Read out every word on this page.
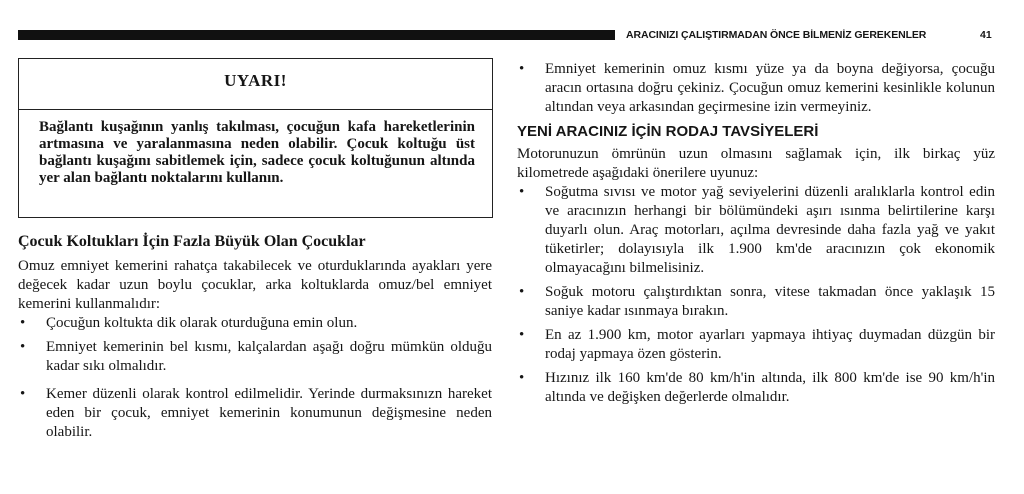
ARACINIZI ÇALIŞTIRMADAN ÖNCE BİLMENİZ GEREKENLER	41
UYARI!
Bağlantı kuşağının yanlış takılması, çocuğun kafa hareketlerinin artmasına ve yaralanmasına neden olabilir. Çocuk koltuğu üst bağlantı kuşağını sabitlemek için, sadece çocuk koltuğunun altında yer alan bağlantı noktalarını kullanın.
Çocuk Koltukları İçin Fazla Büyük Olan Çocuklar

Omuz emniyet kemerini rahatça takabilecek ve oturduklarında ayakları yere değecek kadar uzun boylu çocuklar, arka koltuklarda omuz/bel emniyet kemerini kullanmalıdır:

• Çocuğun koltukta dik olarak oturduğuna emin olun.
• Emniyet kemerinin bel kısmı, kalçalardan aşağı doğru mümkün olduğu kadar sıkı olmalıdır.
• Kemer düzenli olarak kontrol edilmelidir. Yerinde durmaksınızn hareket eden bir çocuk, emniyet kemerinin konumunun değişmesine neden olabilir.
• Emniyet kemerinin omuz kısmı yüze ya da boyna değiyorsa, çocuğu aracın ortasına doğru çekiniz. Çocuğun omuz kemerini kesinlikle kolunun altından veya arkasından geçirmesine izin vermeyiniz.
YENİ ARACINIZ İÇİN RODAJ TAVSİYELERİ

Motorunuzun ömrünün uzun olmasını sağlamak için, ilk birkaç yüz kilometrede aşağıdaki önerilere uyunuz:

• Soğutma sıvısı ve motor yağ seviyelerini düzenli aralıklarla kontrol edin ve aracınızın herhangi bir bölümündeki aşırı ısınma belirtilerine karşı duyarlı olun. Araç motorları, açılma devresinde daha fazla yağ ve yakıt tüketirler; dolayısıyla ilk 1.900 km'de aracınızın çok ekonomik olmayacağını bilmelisiniz.
• Soğuk motoru çalıştırdıktan sonra, vitese takmadan önce yaklaşık 15 saniye kadar ısınmaya bırakın.
• En az 1.900 km, motor ayarları yapmaya ihtiyaç duymadan düzgün bir rodaj yapmaya özen gösterin.
• Hızınız ilk 160 km'de 80 km/h'in altında, ilk 800 km'de ise 90 km/h'in altında ve değişken değerlerde olmalıdır.
